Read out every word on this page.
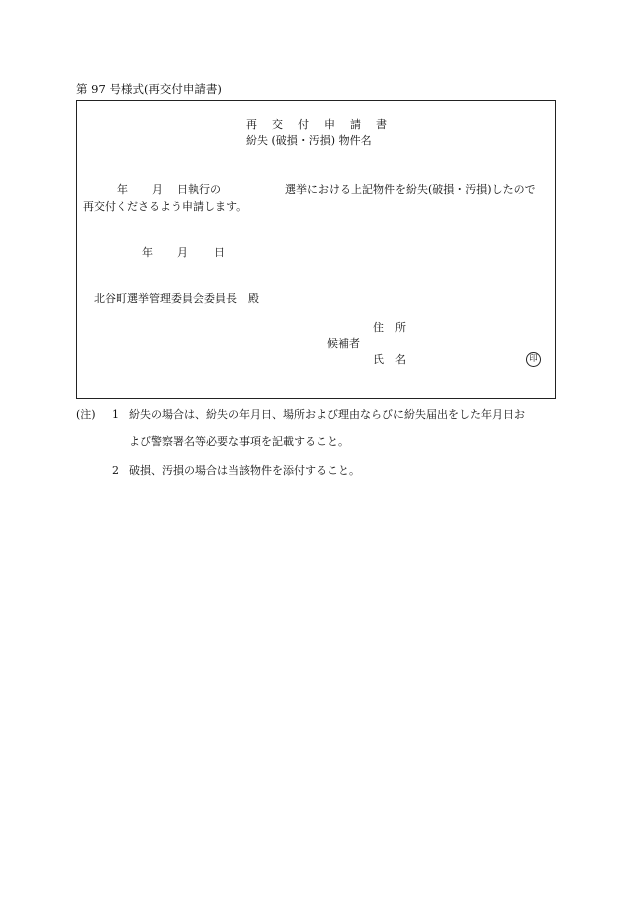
第 97 号様式(再交付申請書)
再 交 付 申 請 書
紛失 (破損・汚損) 物件名
年 月 日執行の	選挙における上記物件を紛失(破損・汚損)したので
再交付くださるよう申請します。
年 月 日
北谷町選挙管理委員会委員長　殿
住　所
候補者
氏　名	印
(注) 1 紛失の場合は、紛失の年月日、場所および理由ならびに紛失届出をした年月日お
よび警察署名等必要な事項を記載すること。
2 破損、汚損の場合は当該物件を添付すること。
